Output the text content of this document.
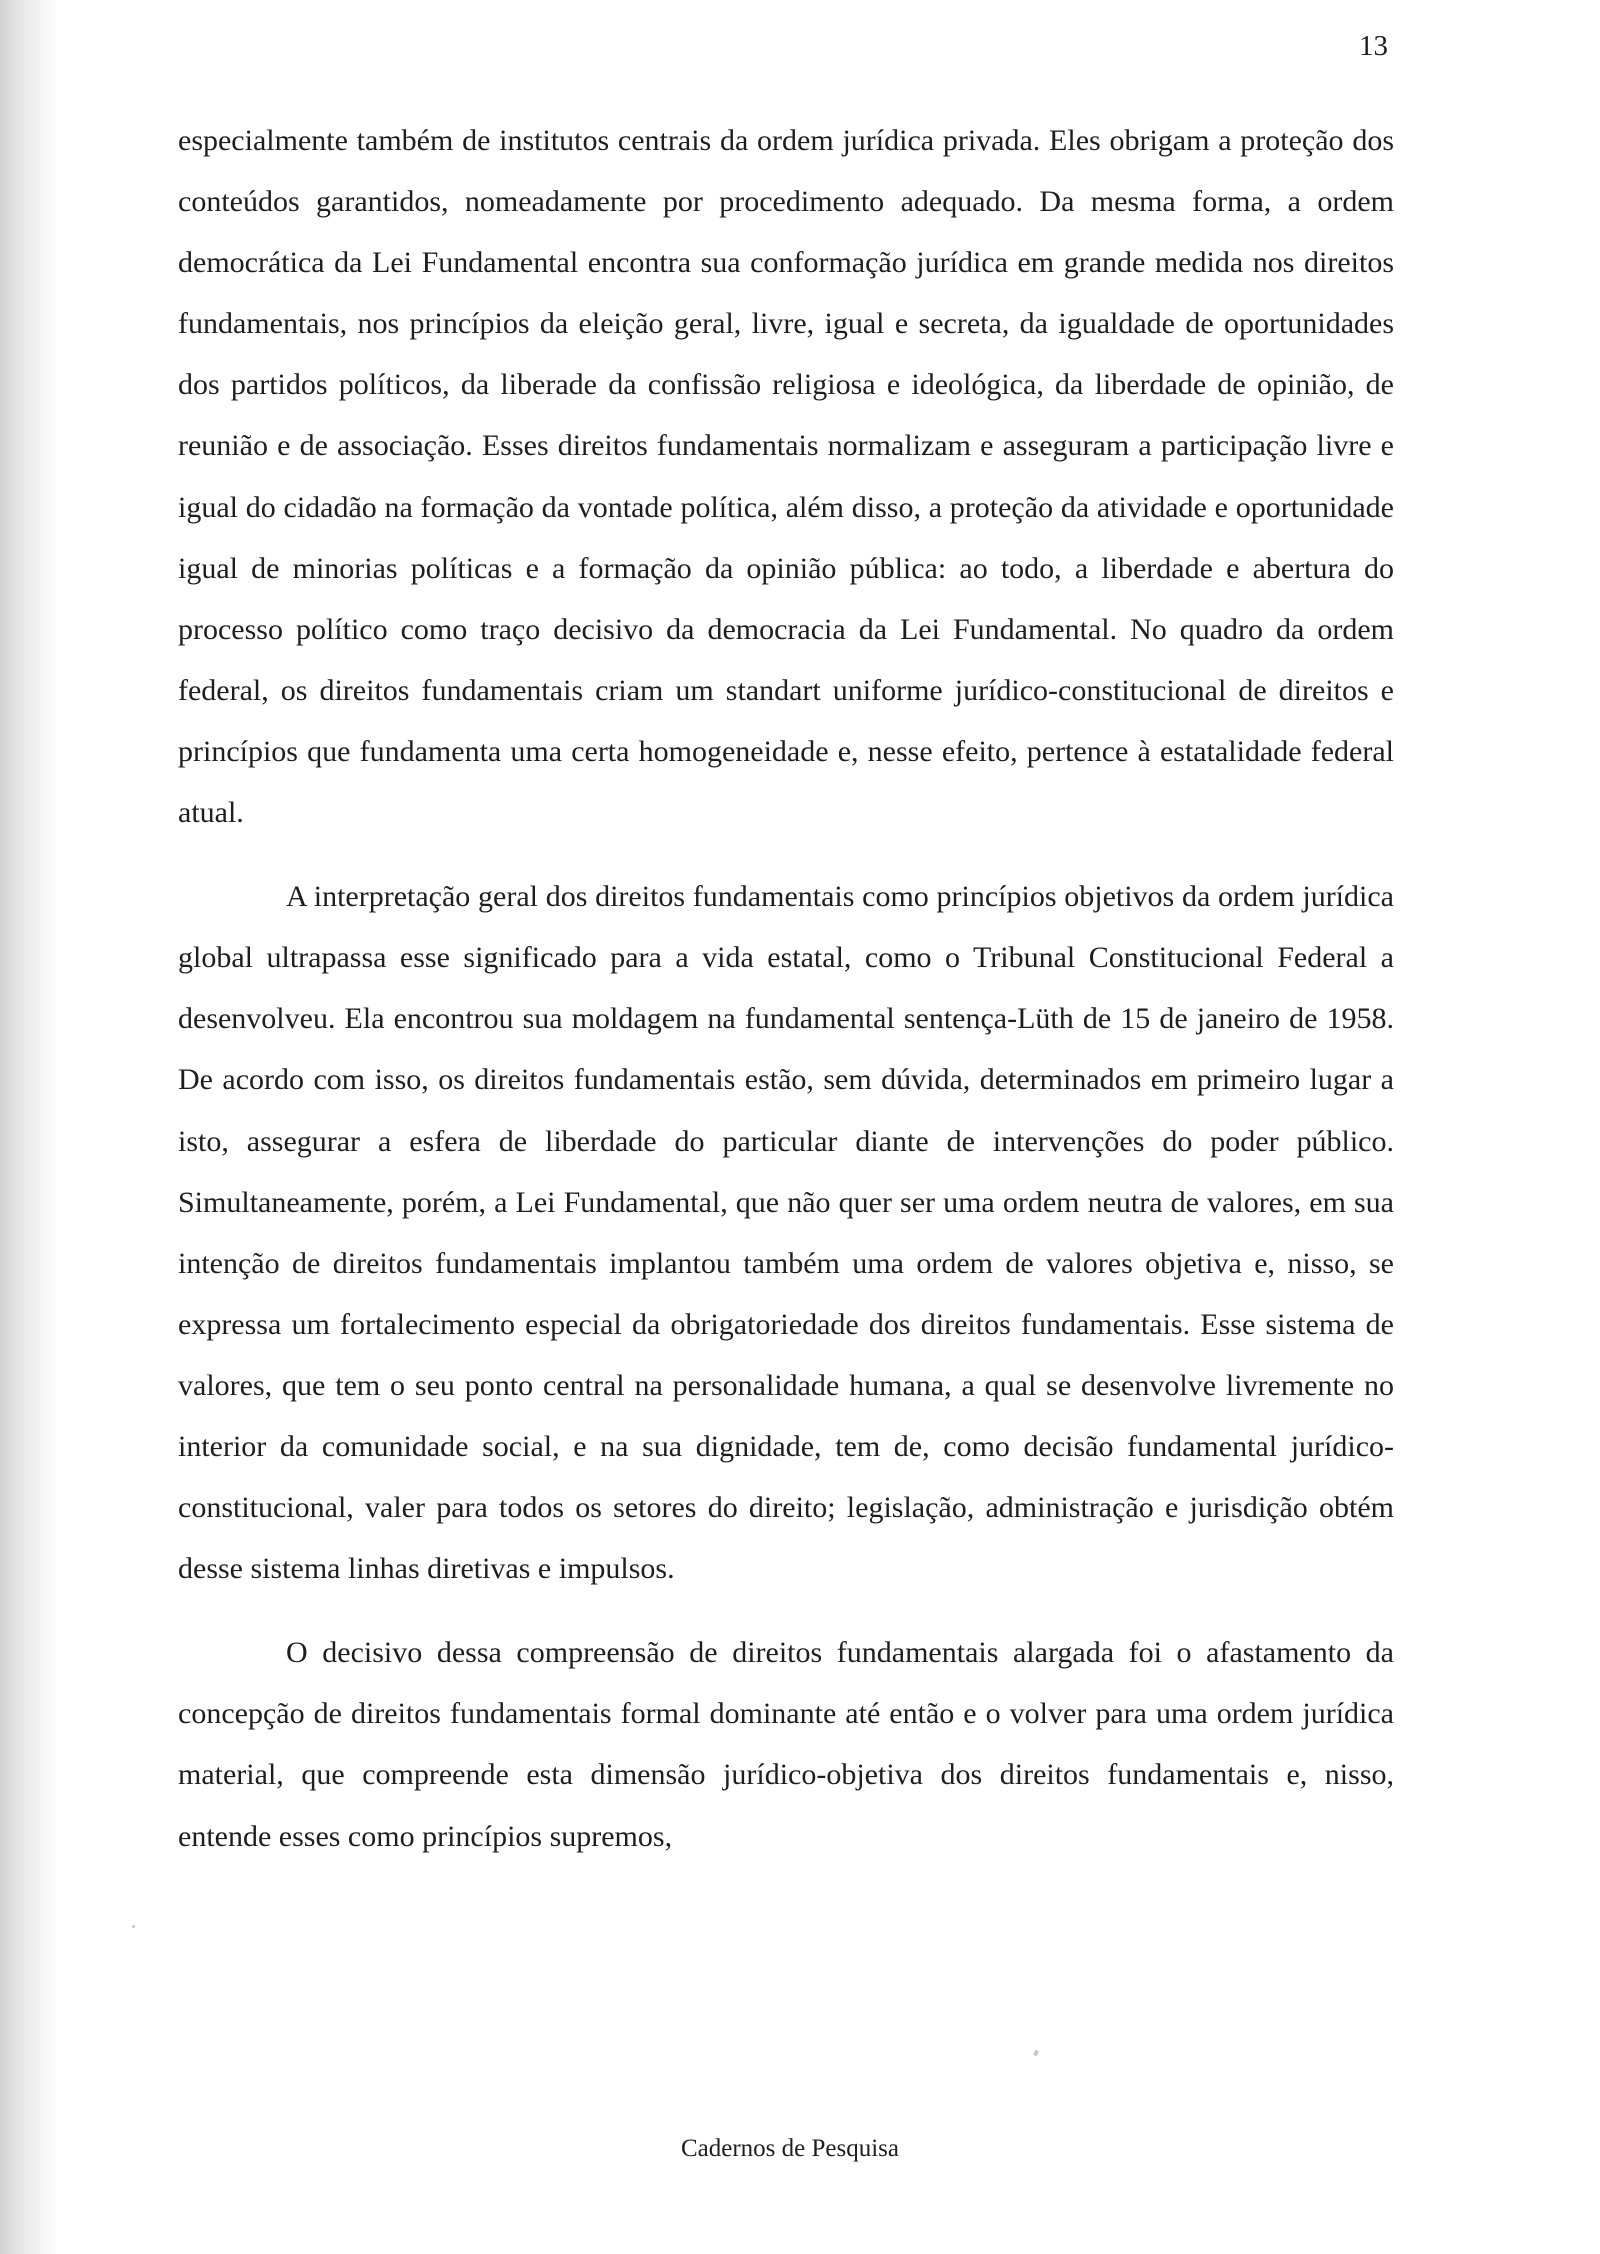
13

especialmente também de institutos centrais da ordem jurídica privada. Eles obrigam a proteção dos conteúdos garantidos, nomeadamente por procedimento adequado. Da mesma forma, a ordem democrática da Lei Fundamental encontra sua conformação jurídica em grande medida nos direitos fundamentais, nos princípios da eleição geral, livre, igual e secreta, da igualdade de oportunidades dos partidos políticos, da liberade da confissão religiosa e ideológica, da liberdade de opinião, de reunião e de associação. Esses direitos fundamentais normalizam e asseguram a participação livre e igual do cidadão na formação da vontade política, além disso, a proteção da atividade e oportunidade igual de minorias políticas e a formação da opinião pública: ao todo, a liberdade e abertura do processo político como traço decisivo da democracia da Lei Fundamental. No quadro da ordem federal, os direitos fundamentais criam um standart uniforme jurídico-constitucional de direitos e princípios que fundamenta uma certa homogeneidade e, nesse efeito, pertence à estatalidade federal atual.

A interpretação geral dos direitos fundamentais como princípios objetivos da ordem jurídica global ultrapassa esse significado para a vida estatal, como o Tribunal Constitucional Federal a desenvolveu. Ela encontrou sua moldagem na fundamental sentença-Lüth de 15 de janeiro de 1958. De acordo com isso, os direitos fundamentais estão, sem dúvida, determinados em primeiro lugar a isto, assegurar a esfera de liberdade do particular diante de intervenções do poder público. Simultaneamente, porém, a Lei Fundamental, que não quer ser uma ordem neutra de valores, em sua intenção de direitos fundamentais implantou também uma ordem de valores objetiva e, nisso, se expressa um fortalecimento especial da obrigatoriedade dos direitos fundamentais. Esse sistema de valores, que tem o seu ponto central na personalidade humana, a qual se desenvolve livremente no interior da comunidade social, e na sua dignidade, tem de, como decisão fundamental jurídico-constitucional, valer para todos os setores do direito; legislação, administração e jurisdição obtém desse sistema linhas diretivas e impulsos.

O decisivo dessa compreensão de direitos fundamentais alargada foi o afastamento da concepção de direitos fundamentais formal dominante até então e o volver para uma ordem jurídica material, que compreende esta dimensão jurídico-objetiva dos direitos fundamentais e, nisso, entende esses como princípios supremos,

Cadernos de Pesquisa
